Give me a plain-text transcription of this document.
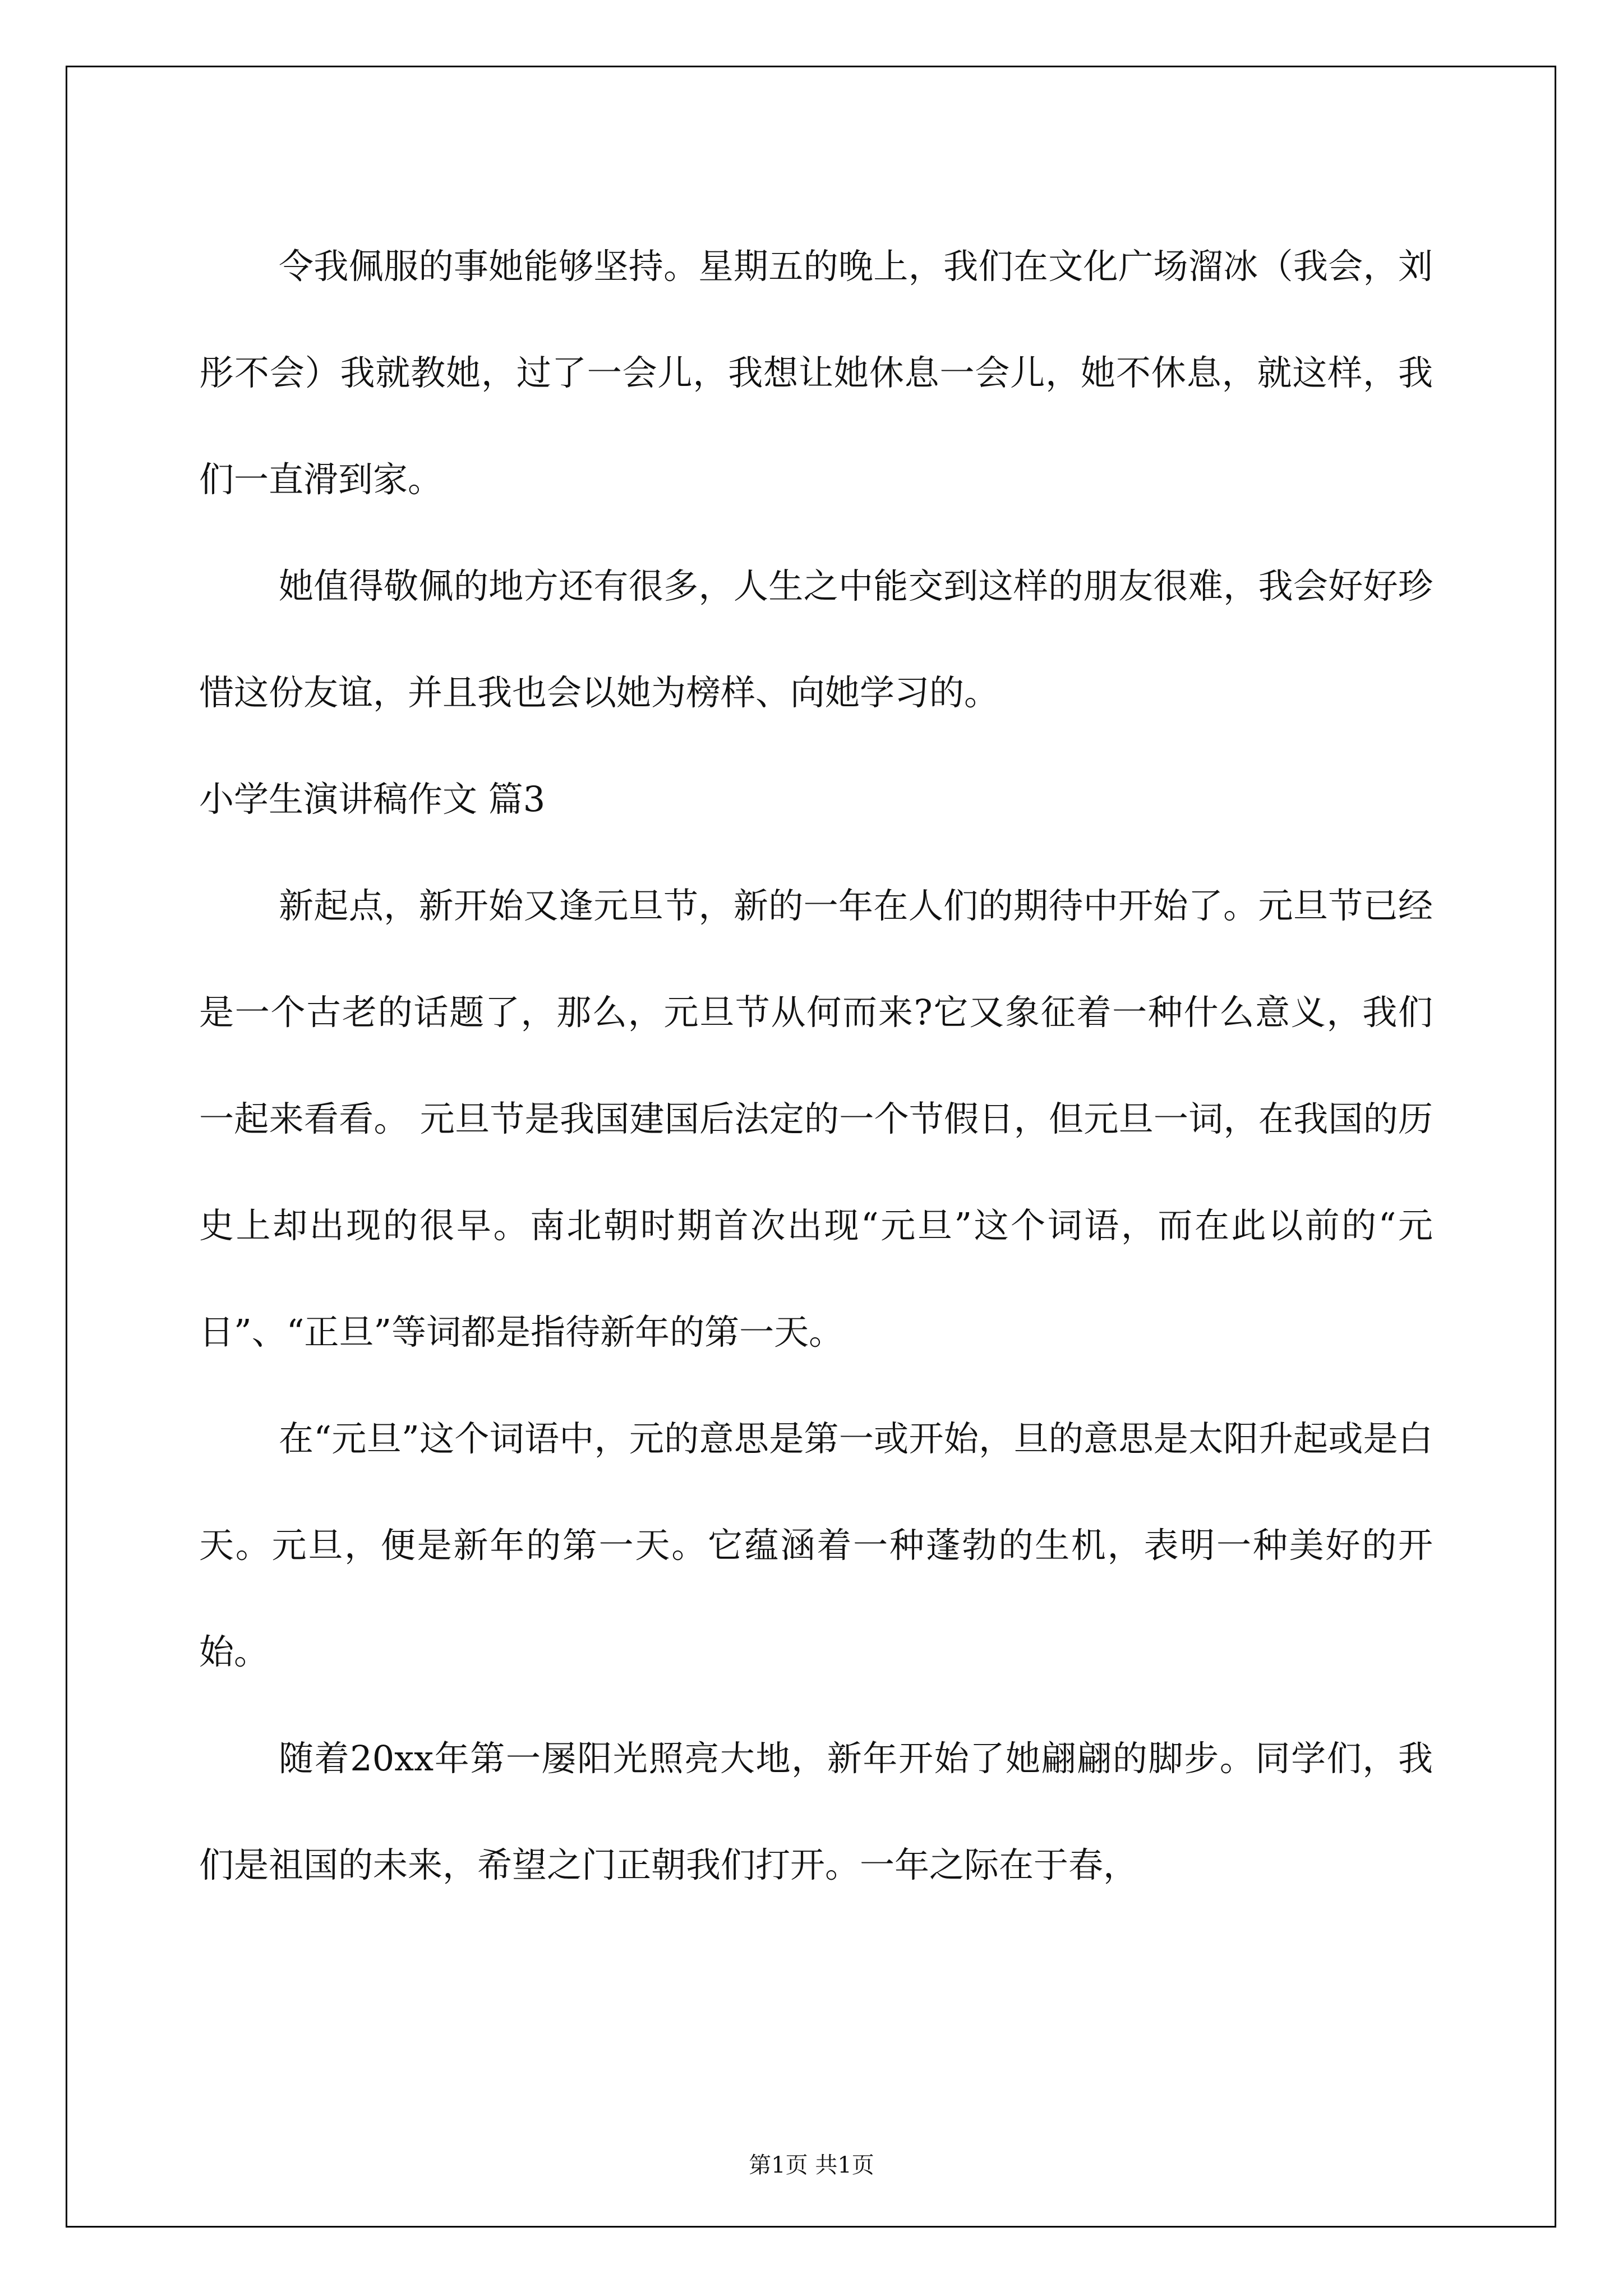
令我佩服的事她能够坚持。星期五的晚上，我们在文化广场溜冰（我会，刘彤不会）我就教她，过了一会儿，我想让她休息一会儿，她不休息，就这样，我们一直滑到家。

她值得敬佩的地方还有很多，人生之中能交到这样的朋友很难，我会好好珍惜这份友谊，并且我也会以她为榜样、向她学习的。

小学生演讲稿作文 篇3

新起点，新开始又逢元旦节，新的一年在人们的期待中开始了。元旦节已经是一个古老的话题了，那么，元旦节从何而来?它又象征着一种什么意义，我们一起来看看。 元旦节是我国建国后法定的一个节假日，但元旦一词，在我国的历史上却出现的很早。南北朝时期首次出现“元旦”这个词语，而在此以前的“元日”、“正旦”等词都是指待新年的第一天。

在“元旦”这个词语中，元的意思是第一或开始，旦的意思是太阳升起或是白天。元旦，便是新年的第一天。它蕴涵着一种蓬勃的生机，表明一种美好的开始。

随着20xx年第一屡阳光照亮大地，新年开始了她翩翩的脚步。同学们，我们是祖国的未来，希望之门正朝我们打开。一年之际在于春，

第1页 共1页
